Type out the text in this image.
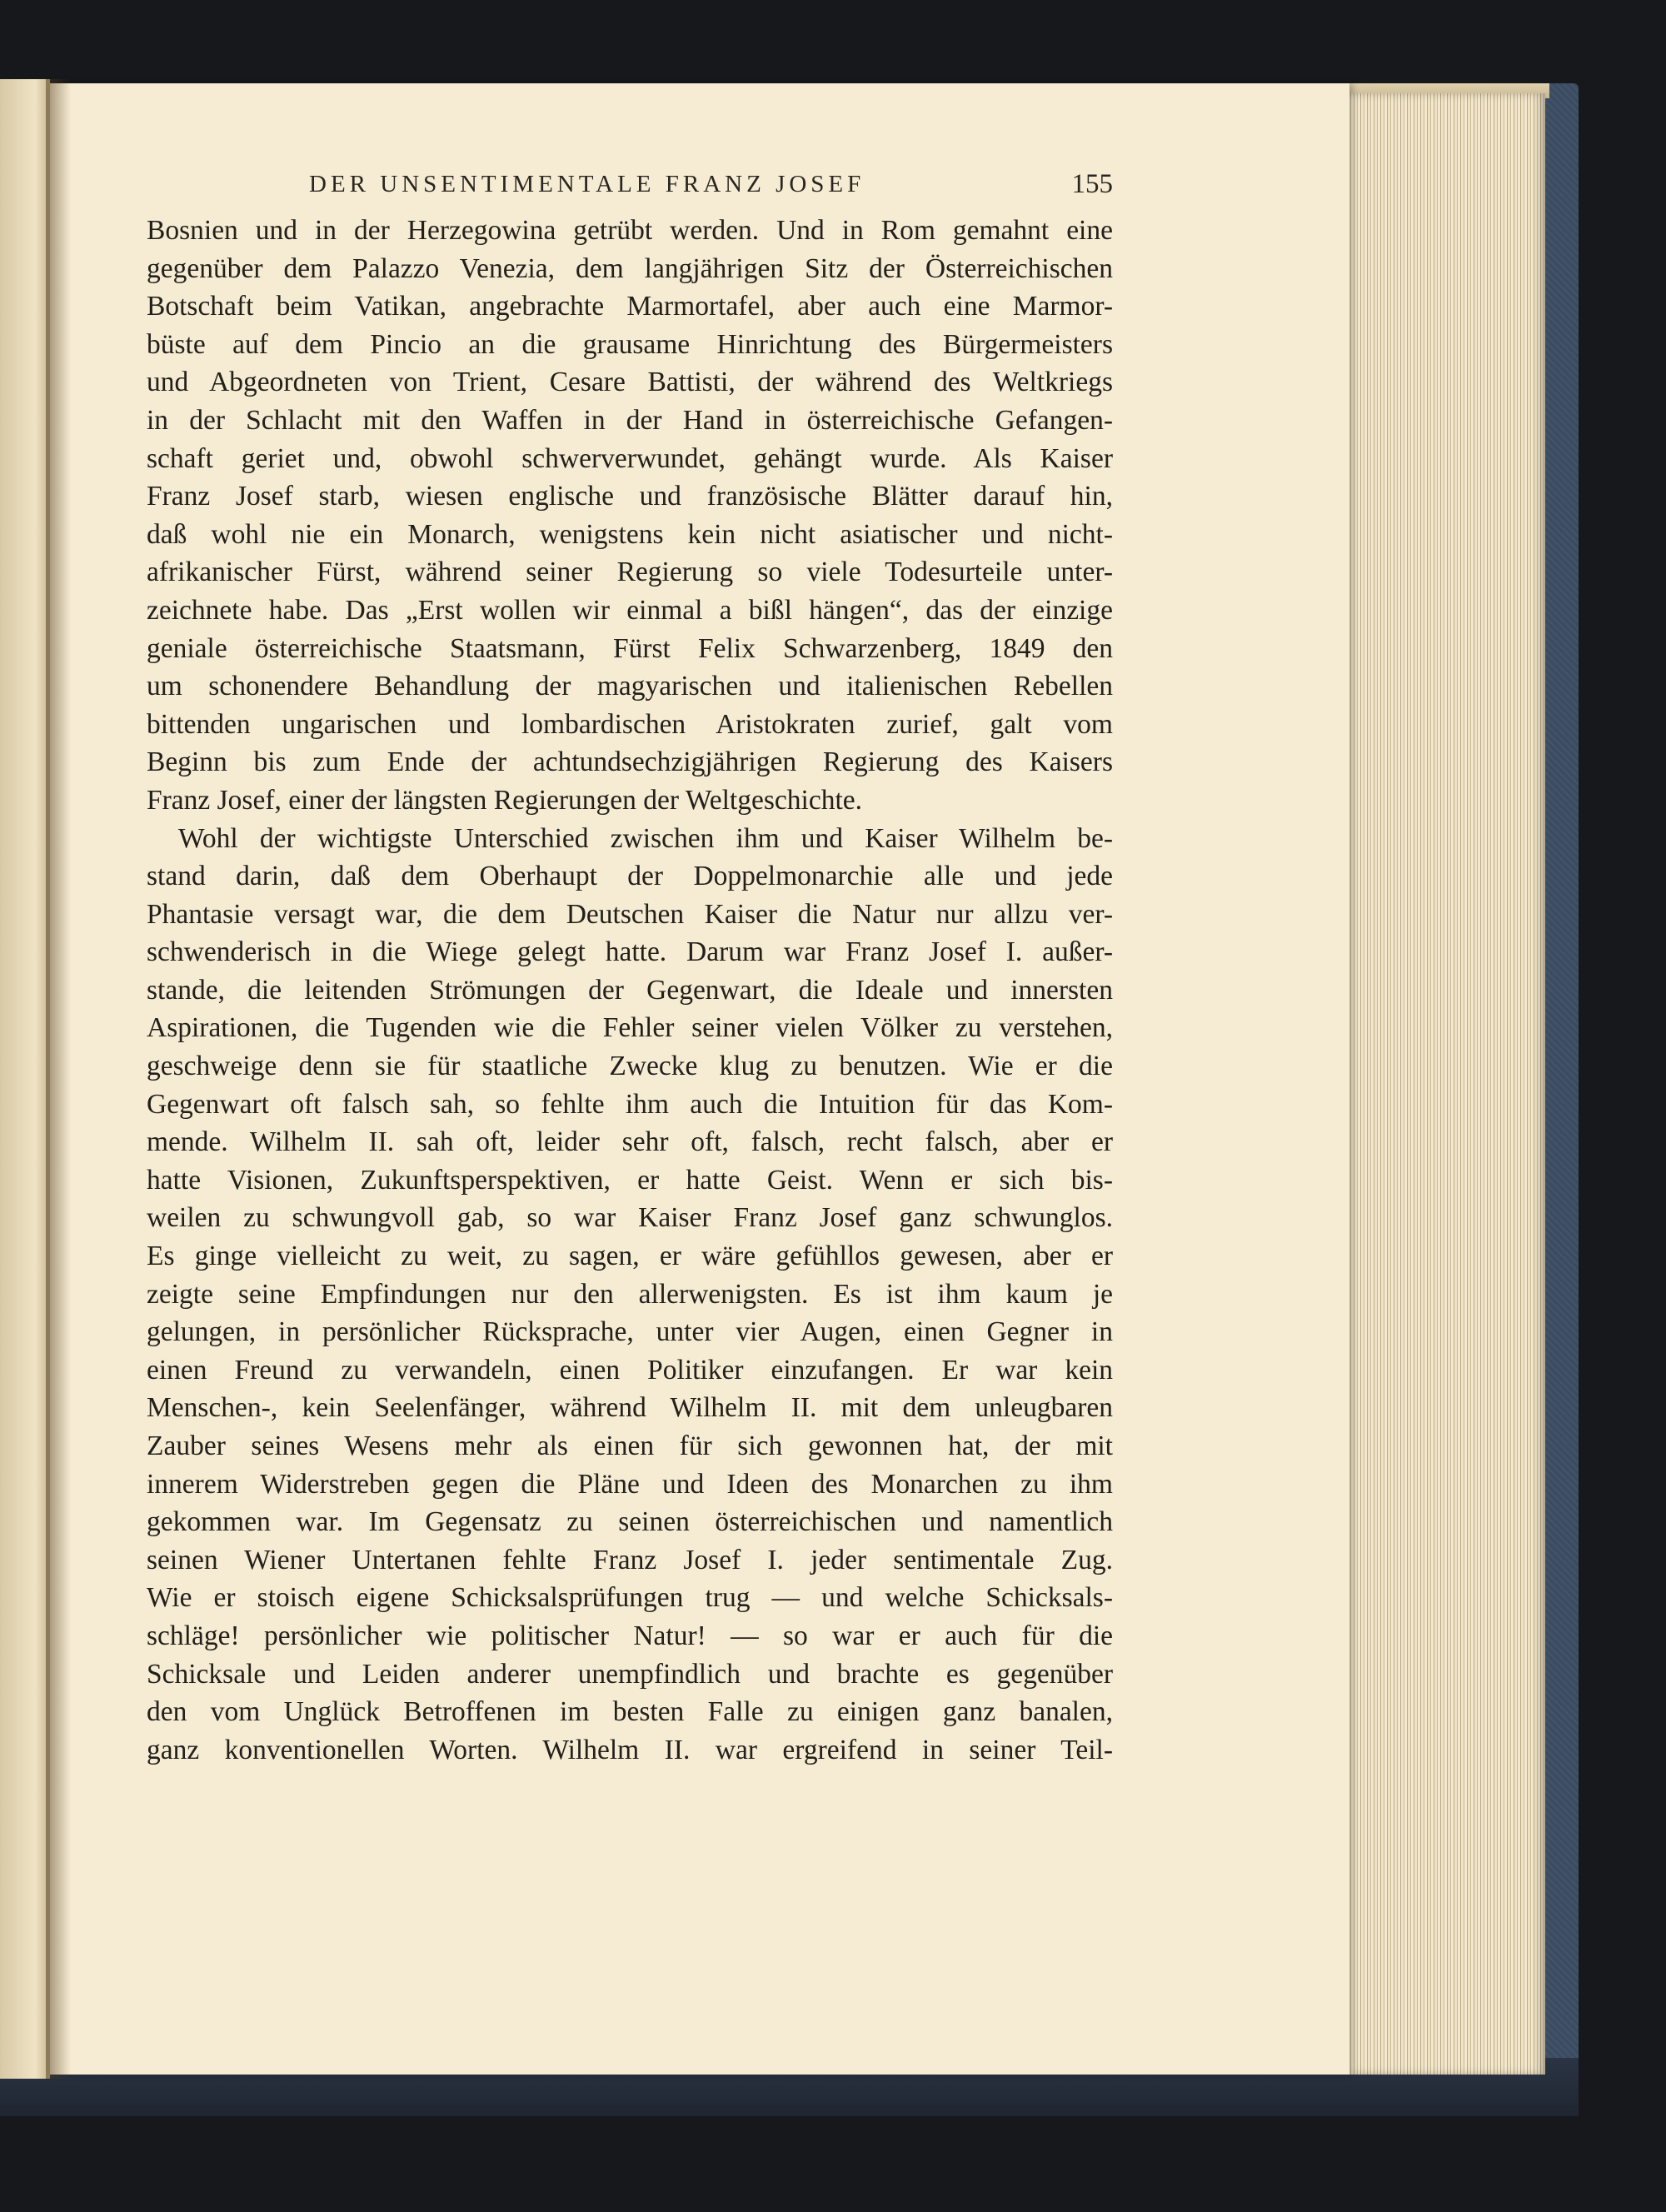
DER UNSENTIMENTALE FRANZ JOSEF	155
Bosnien und in der Herzegowina getrübt werden. Und in Rom gemahnt eine
gegenüber dem Palazzo Venezia, dem langjährigen Sitz der Österreichischen
Botschaft beim Vatikan, angebrachte Marmortafel, aber auch eine Marmor-
büste auf dem Pincio an die grausame Hinrichtung des Bürgermeisters
und Abgeordneten von Trient, Cesare Battisti, der während des Weltkriegs
in der Schlacht mit den Waffen in der Hand in österreichische Gefangen-
schaft geriet und, obwohl schwerverwundet, gehängt wurde. Als Kaiser
Franz Josef starb, wiesen englische und französische Blätter darauf hin,
daß wohl nie ein Monarch, wenigstens kein nicht asiatischer und nicht-
afrikanischer Fürst, während seiner Regierung so viele Todesurteile unter-
zeichnete habe. Das „Erst wollen wir einmal a bißl hängen“, das der einzige
geniale österreichische Staatsmann, Fürst Felix Schwarzenberg, 1849 den
um schonendere Behandlung der magyarischen und italienischen Rebellen
bittenden ungarischen und lombardischen Aristokraten zurief, galt vom
Beginn bis zum Ende der achtundsechzigjährigen Regierung des Kaisers
Franz Josef, einer der längsten Regierungen der Weltgeschichte.
Wohl der wichtigste Unterschied zwischen ihm und Kaiser Wilhelm be-
stand darin, daß dem Oberhaupt der Doppelmonarchie alle und jede
Phantasie versagt war, die dem Deutschen Kaiser die Natur nur allzu ver-
schwenderisch in die Wiege gelegt hatte. Darum war Franz Josef I. außer-
stande, die leitenden Strömungen der Gegenwart, die Ideale und innersten
Aspirationen, die Tugenden wie die Fehler seiner vielen Völker zu verstehen,
geschweige denn sie für staatliche Zwecke klug zu benutzen. Wie er die
Gegenwart oft falsch sah, so fehlte ihm auch die Intuition für das Kom-
mende. Wilhelm II. sah oft, leider sehr oft, falsch, recht falsch, aber er
hatte Visionen, Zukunftsperspektiven, er hatte Geist. Wenn er sich bis-
weilen zu schwungvoll gab, so war Kaiser Franz Josef ganz schwunglos.
Es ginge vielleicht zu weit, zu sagen, er wäre gefühllos gewesen, aber er
zeigte seine Empfindungen nur den allerwenigsten. Es ist ihm kaum je
gelungen, in persönlicher Rücksprache, unter vier Augen, einen Gegner in
einen Freund zu verwandeln, einen Politiker einzufangen. Er war kein
Menschen-, kein Seelenfänger, während Wilhelm II. mit dem unleugbaren
Zauber seines Wesens mehr als einen für sich gewonnen hat, der mit
innerem Widerstreben gegen die Pläne und Ideen des Monarchen zu ihm
gekommen war. Im Gegensatz zu seinen österreichischen und namentlich
seinen Wiener Untertanen fehlte Franz Josef I. jeder sentimentale Zug.
Wie er stoisch eigene Schicksalsprüfungen trug — und welche Schicksals-
schläge! persönlicher wie politischer Natur! — so war er auch für die
Schicksale und Leiden anderer unempfindlich und brachte es gegenüber
den vom Unglück Betroffenen im besten Falle zu einigen ganz banalen,
ganz konventionellen Worten. Wilhelm II. war ergreifend in seiner Teil-
